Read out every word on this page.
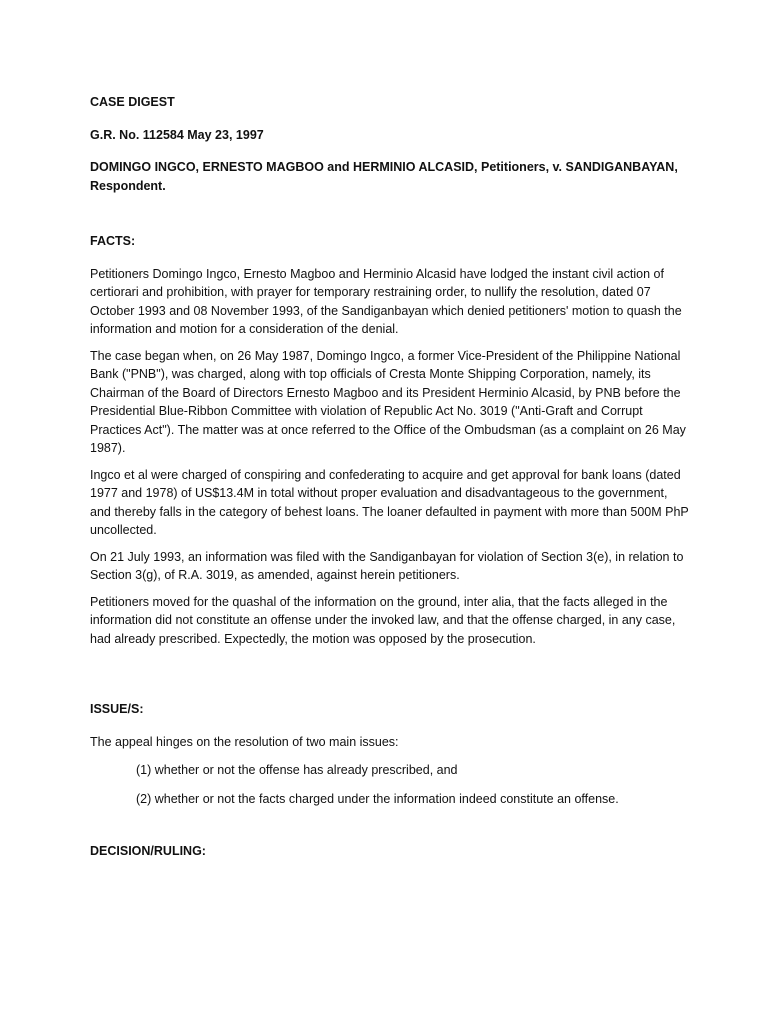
CASE DIGEST

G.R. No. 112584 May 23, 1997

DOMINGO INGCO, ERNESTO MAGBOO and HERMINIO ALCASID, Petitioners, v. SANDIGANBAYAN, Respondent.

FACTS:

Petitioners Domingo Ingco, Ernesto Magboo and Herminio Alcasid have lodged the instant civil action of certiorari and prohibition, with prayer for temporary restraining order, to nullify the resolution, dated 07 October 1993 and 08 November 1993, of the Sandiganbayan which denied petitioners' motion to quash the information and motion for a consideration of the denial.

The case began when, on 26 May 1987, Domingo Ingco, a former Vice-President of the Philippine National Bank ("PNB"), was charged, along with top officials of Cresta Monte Shipping Corporation, namely, its Chairman of the Board of Directors Ernesto Magboo and its President Herminio Alcasid, by PNB before the Presidential Blue-Ribbon Committee with violation of Republic Act No. 3019 ("Anti-Graft and Corrupt Practices Act"). The matter was at once referred to the Office of the Ombudsman (as a complaint on 26 May 1987).

Ingco et al were charged of conspiring and confederating to acquire and get approval for bank loans (dated 1977 and 1978) of US$13.4M in total without proper evaluation and disadvantageous to the government, and thereby falls in the category of behest loans. The loaner defaulted in payment with more than 500M PhP uncollected.

On 21 July 1993, an information was filed with the Sandiganbayan for violation of Section 3(e), in relation to Section 3(g), of R.A. 3019, as amended, against herein petitioners.

Petitioners moved for the quashal of the information on the ground, inter alia, that the facts alleged in the information did not constitute an offense under the invoked law, and that the offense charged, in any case, had already prescribed. Expectedly, the motion was opposed by the prosecution.

ISSUE/S:

The appeal hinges on the resolution of two main issues:

(1) whether or not the offense has already prescribed, and

(2) whether or not the facts charged under the information indeed constitute an offense.

DECISION/RULING:
